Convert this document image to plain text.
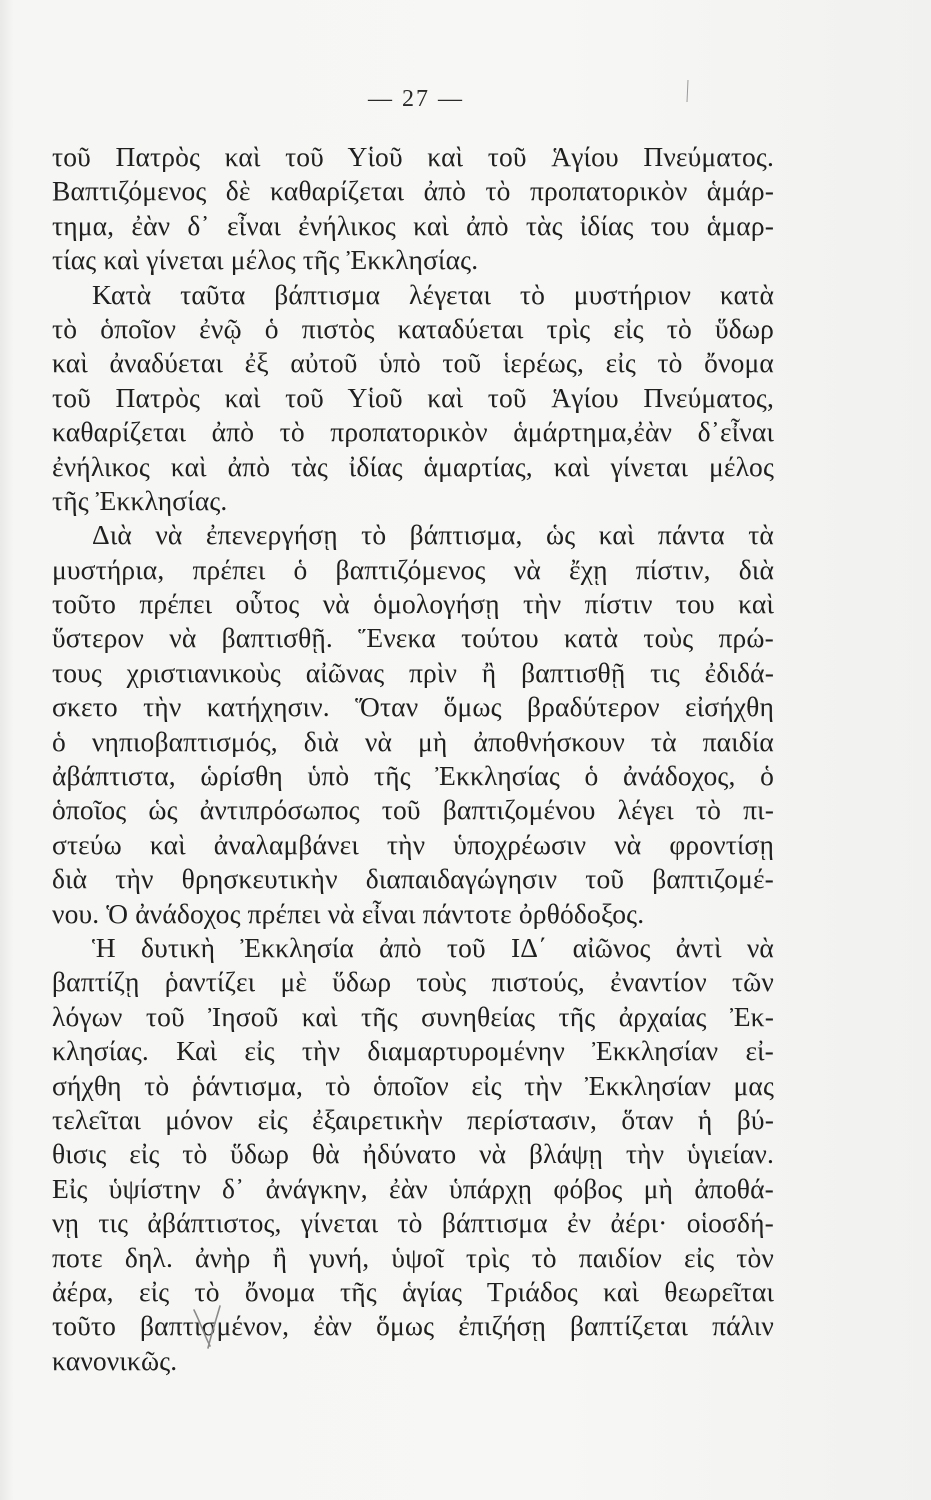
— 27 —
τοῦ Πατρὸς καὶ τοῦ Υἱοῦ καὶ τοῦ Ἁγίου Πνεύματος.
Βαπτιζόμενος δὲ καθαρίζεται ἀπὸ τὸ προπατορικὸν ἁμάρ-
τημα, ἐὰν δ᾿ εἶναι ἐνήλικος καὶ ἀπὸ τὰς ἰδίας του ἁμαρ-
τίας καὶ γίνεται μέλος τῆς Ἐκκλησίας.
Κατὰ ταῦτα βάπτισμα λέγεται τὸ μυστήριον κατὰ
τὸ ὁποῖον ἐνῷ ὁ πιστὸς καταδύεται τρὶς εἰς τὸ ὕδωρ
καὶ ἀναδύεται ἐξ αὐτοῦ ὑπὸ τοῦ ἱερέως, εἰς τὸ ὄνομα
τοῦ Πατρὸς καὶ τοῦ Υἱοῦ καὶ τοῦ Ἁγίου Πνεύματος,
καθαρίζεται ἀπὸ τὸ προπατορικὸν ἁμάρτημα,ἐὰν δ᾿εἶναι
ἐνήλικος καὶ ἀπὸ τὰς ἰδίας ἁμαρτίας, καὶ γίνεται μέλος
τῆς Ἐκκλησίας.
Διὰ νὰ ἐπενεργήσῃ τὸ βάπτισμα, ὡς καὶ πάντα τὰ
μυστήρια, πρέπει ὁ βαπτιζόμενος νὰ ἔχῃ πίστιν, διὰ
τοῦτο πρέπει οὗτος νὰ ὁμολογήσῃ τὴν πίστιν του καὶ
ὕστερον νὰ βαπτισθῇ. Ἕνεκα τούτου κατὰ τοὺς πρώ-
τους χριστιανικοὺς αἰῶνας πρὶν ἢ βαπτισθῇ τις ἐδιδά-
σκετο τὴν κατήχησιν. Ὅταν ὅμως βραδύτερον εἰσήχθη
ὁ νηπιοβαπτισμός, διὰ νὰ μὴ ἀποθνήσκουν τὰ παιδία
ἀβάπτιστα, ὡρίσθη ὑπὸ τῆς Ἐκκλησίας ὁ ἀνάδοχος, ὁ
ὁποῖος ὡς ἀντιπρόσωπος τοῦ βαπτιζομένου λέγει τὸ πι-
στεύω καὶ ἀναλαμβάνει τὴν ὑποχρέωσιν νὰ φροντίσῃ
διὰ τὴν θρησκευτικὴν διαπαιδαγώγησιν τοῦ βαπτιζομέ-
νου. Ὁ ἀνάδοχος πρέπει νὰ εἶναι πάντοτε ὀρθόδοξος.
Ἡ δυτικὴ Ἐκκλησία ἀπὸ τοῦ ΙΔ΄ αἰῶνος ἀντὶ νὰ
βαπτίζῃ ῥαντίζει μὲ ὕδωρ τοὺς πιστούς, ἐναντίον τῶν
λόγων τοῦ Ἰησοῦ καὶ τῆς συνηθείας τῆς ἀρχαίας Ἐκ-
κλησίας. Καὶ εἰς τὴν διαμαρτυρομένην Ἐκκλησίαν εἰ-
σήχθη τὸ ῥάντισμα, τὸ ὁποῖον εἰς τὴν Ἐκκλησίαν μας
τελεῖται μόνον εἰς ἐξαιρετικὴν περίστασιν, ὅταν ἡ βύ-
θισις εἰς τὸ ὕδωρ θὰ ἠδύνατο νὰ βλάψῃ τὴν ὑγιείαν.
Εἰς ὑψίστην δ᾿ ἀνάγκην, ἐὰν ὑπάρχῃ φόβος μὴ ἀποθά-
νῃ τις ἀβάπτιστος, γίνεται τὸ βάπτισμα ἐν ἀέρι· οἱοσδή-
ποτε δηλ. ἀνὴρ ἢ γυνή, ὑψοῖ τρὶς τὸ παιδίον εἰς τὸν
ἀέρα, εἰς τὸ ὄνομα τῆς ἁγίας Τριάδος καὶ θεωρεῖται
τοῦτο βαπτισμένον, ἐὰν ὅμως ἐπιζήσῃ βαπτίζεται πάλιν
κανονικῶς.
